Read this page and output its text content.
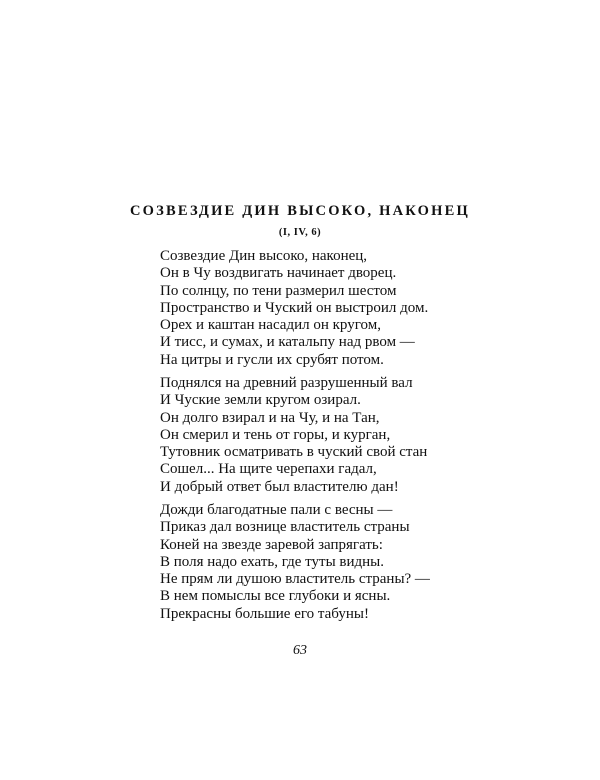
СОЗВЕЗДИЕ ДИН ВЫСОКО, НАКОНЕЦ
(I, IV, 6)
Созвездие Дин высоко, наконец,
Он в Чу воздвигать начинает дворец.
По солнцу, по тени размерил шестом
Пространство и Чуский он выстроил дом.
Орех и каштан насадил он кругом,
И тисс, и сумах, и катальпу над рвом —
На цитры и гусли их срубят потом.
Поднялся на древний разрушенный вал
И Чуские земли кругом озирал.
Он долго взирал и на Чу, и на Тан,
Он смерил и тень от горы, и курган,
Тутовник осматривать в чуский свой стан
Сошел... На щите черепахи гадал,
И добрый ответ был властителю дан!
Дожди благодатные пали с весны —
Приказ дал вознице властитель страны
Коней на звезде заревой запрягать:
В поля надо ехать, где туты видны.
Не прям ли душою властитель страны? —
В нем помыслы все глубоки и ясны.
Прекрасны большие его табуны!
63
